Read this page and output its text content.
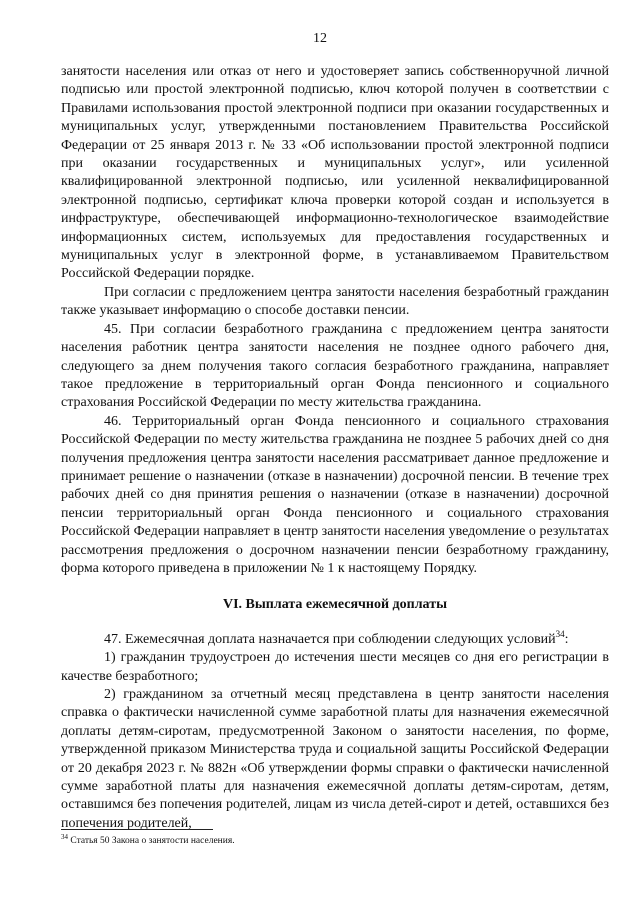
12

занятости населения или отказ от него и удостоверяет запись собственноручной личной подписью или простой электронной подписью, ключ которой получен в соответствии с Правилами использования простой электронной подписи при оказании государственных и муниципальных услуг, утвержденными постановлением Правительства Российской Федерации от 25 января 2013 г. № 33 «Об использовании простой электронной подписи при оказании государственных и муниципальных услуг», или усиленной квалифицированной электронной подписью, или усиленной неквалифицированной электронной подписью, сертификат ключа проверки которой создан и используется в инфраструктуре, обеспечивающей информационно-технологическое взаимодействие информационных систем, используемых для предоставления государственных и муниципальных услуг в электронной форме, в устанавливаемом Правительством Российской Федерации порядке.

При согласии с предложением центра занятости населения безработный гражданин также указывает информацию о способе доставки пенсии.

45. При согласии безработного гражданина с предложением центра занятости населения работник центра занятости населения не позднее одного рабочего дня, следующего за днем получения такого согласия безработного гражданина, направляет такое предложение в территориальный орган Фонда пенсионного и социального страхования Российской Федерации по месту жительства гражданина.

46. Территориальный орган Фонда пенсионного и социального страхования Российской Федерации по месту жительства гражданина не позднее 5 рабочих дней со дня получения предложения центра занятости населения рассматривает данное предложение и принимает решение о назначении (отказе в назначении) досрочной пенсии. В течение трех рабочих дней со дня принятия решения о назначении (отказе в назначении) досрочной пенсии территориальный орган Фонда пенсионного и социального страхования Российской Федерации направляет в центр занятости населения уведомление о результатах рассмотрения предложения о досрочном назначении пенсии безработному гражданину, форма которого приведена в приложении № 1 к настоящему Порядку.

VI. Выплата ежемесячной доплаты

47. Ежемесячная доплата назначается при соблюдении следующих условий$^{34}$:

1) гражданин трудоустроен до истечения шести месяцев со дня его регистрации в качестве безработного;

2) гражданином за отчетный месяц представлена в центр занятости населения справка о фактически начисленной сумме заработной платы для назначения ежемесячной доплаты детям-сиротам, предусмотренной Законом о занятости населения, по форме, утвержденной приказом Министерства труда и социальной защиты Российской Федерации от 20 декабря 2023 г. № 882н «Об утверждении формы справки о фактически начисленной сумме заработной платы для назначения ежемесячной доплаты детям-сиротам, детям, оставшимся без попечения родителей, лицам из числа детей-сирот и детей, оставшихся без попечения родителей,

$^{34}$ Статья 50 Закона о занятости населения.
